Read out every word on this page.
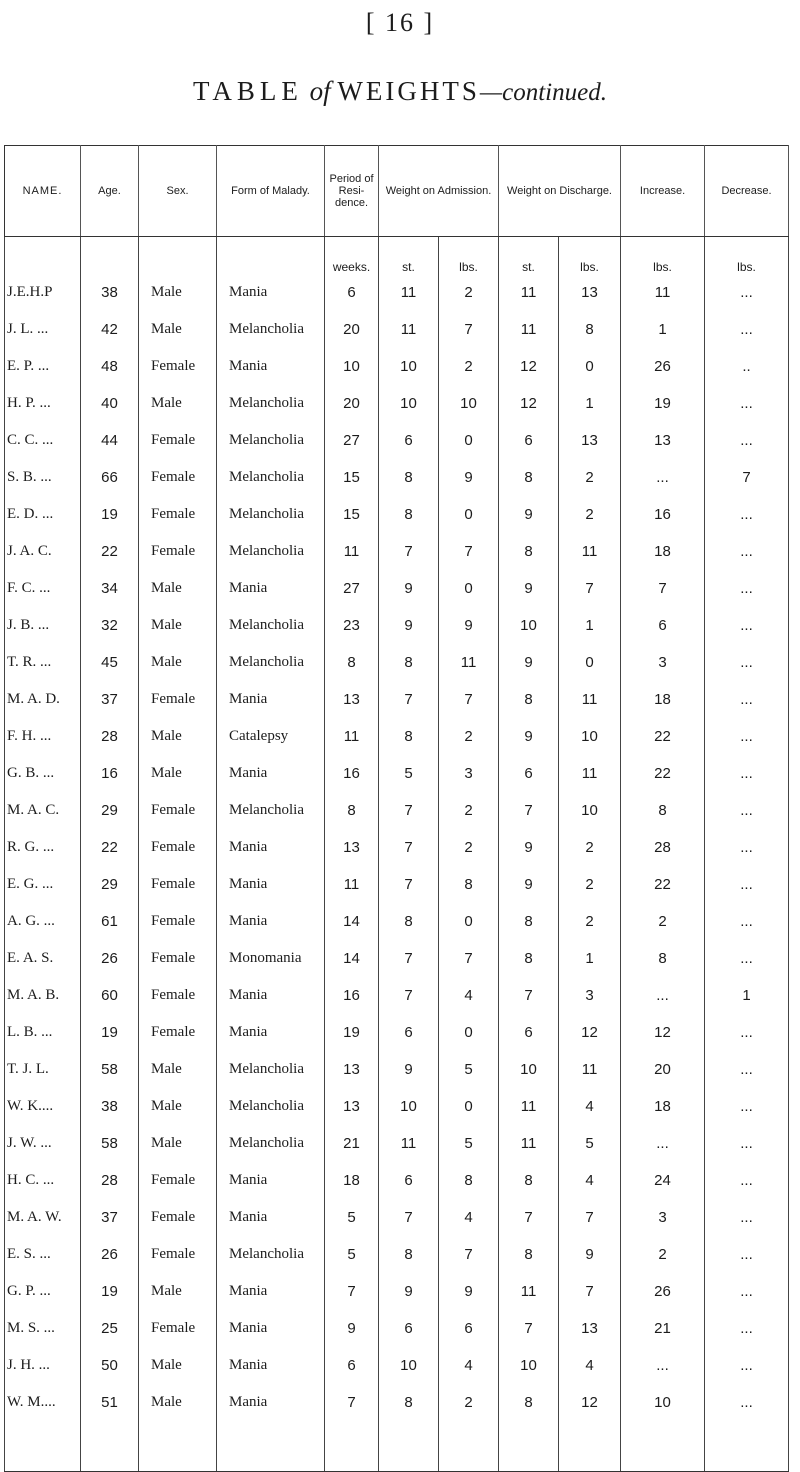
[ 16 ]
TABLE of WEIGHTS—continued.
NAME.	Age.	Sex.	Form of Malady.	Period of Resi- dence.	Weight on Admission.		Weight on Discharge.		Increase.	Decrease.
				weeks.	st.	lbs.	st.	lbs.	lbs.	lbs.
J.E.H.P	38	Male	Mania	6	11	2	11	13	11	...
J. L. ...	42	Male	Melancholia	20	11	7	11	8	1	...
E. P. ...	48	Female	Mania	10	10	2	12	0	26	..
H. P. ...	40	Male	Melancholia	20	10	10	12	1	19	...
C. C. ...	44	Female	Melancholia	27	6	0	6	13	13	...
S. B. ...	66	Female	Melancholia	15	8	9	8	2	...	7
E. D. ...	19	Female	Melancholia	15	8	0	9	2	16	...
J. A. C.	22	Female	Melancholia	11	7	7	8	11	18	...
F. C. ...	34	Male	Mania	27	9	0	9	7	7	...
J. B. ...	32	Male	Melancholia	23	9	9	10	1	6	...
T. R. ...	45	Male	Melancholia	8	8	11	9	0	3	...
M. A. D.	37	Female	Mania	13	7	7	8	11	18	...
F. H. ...	28	Male	Catalepsy	11	8	2	9	10	22	...
G. B. ...	16	Male	Mania	16	5	3	6	11	22	...
M. A. C.	29	Female	Melancholia	8	7	2	7	10	8	...
R. G. ...	22	Female	Mania	13	7	2	9	2	28	...
E. G. ...	29	Female	Mania	11	7	8	9	2	22	...
A. G. ...	61	Female	Mania	14	8	0	8	2	2	...
E. A. S.	26	Female	Monomania	14	7	7	8	1	8	...
M. A. B.	60	Female	Mania	16	7	4	7	3	...	1
L. B. ...	19	Female	Mania	19	6	0	6	12	12	...
T. J. L.	58	Male	Melancholia	13	9	5	10	11	20	...
W. K....	38	Male	Melancholia	13	10	0	11	4	18	...
J. W. ...	58	Male	Melancholia	21	11	5	11	5	...	...
H. C. ...	28	Female	Mania	18	6	8	8	4	24	...
M. A. W.	37	Female	Mania	5	7	4	7	7	3	...
E. S. ...	26	Female	Melancholia	5	8	7	8	9	2	...
G. P. ...	19	Male	Mania	7	9	9	11	7	26	...
M. S. ...	25	Female	Mania	9	6	6	7	13	21	...
J. H. ...	50	Male	Mania	6	10	4	10	4	...	...
W. M....	51	Male	Mania	7	8	2	8	12	10	...
